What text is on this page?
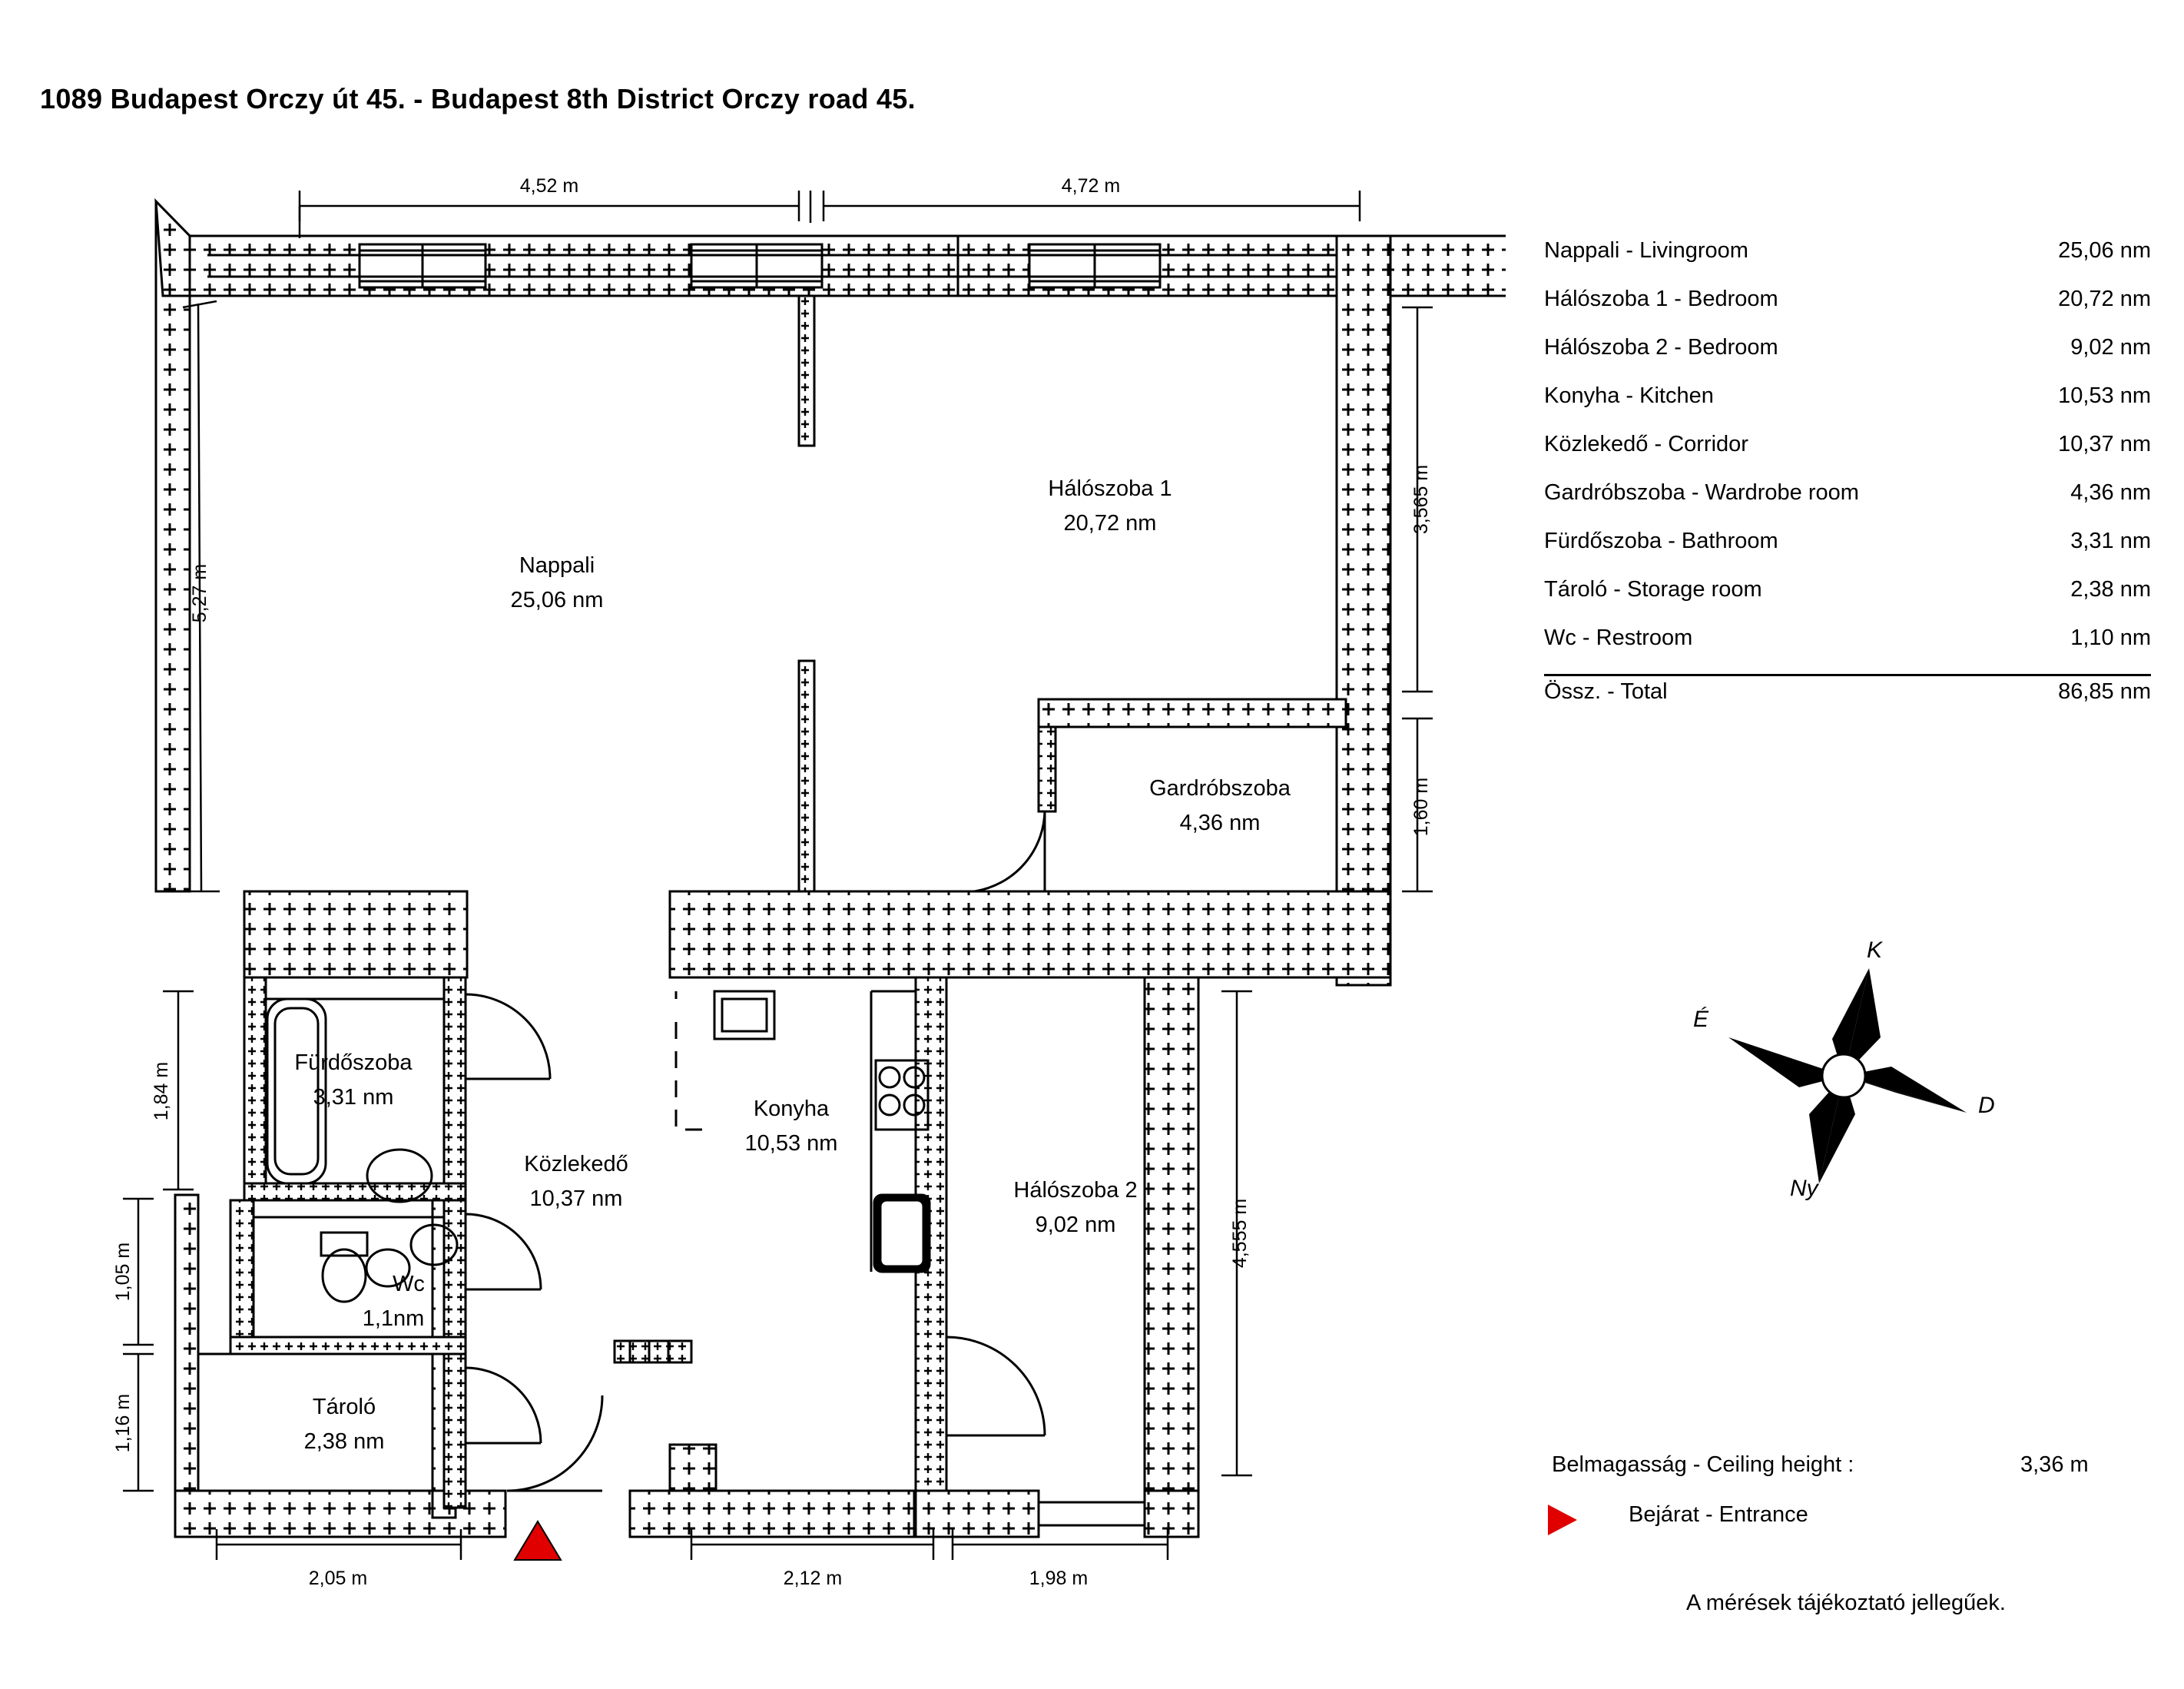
1089 Budapest Orczy út 45. - Budapest 8th District Orczy road 45.
4,52 m	4,72 m
5,27 m
1,84 m
1,05 m
1,16 m
3,565 m
1,60 m
4,555 m
2,05 m	2,12 m	1,98 m
Nappali
25,06 nm
Hálószoba 1
20,72 nm
Gardróbszoba
4,36 nm
Fürdőszoba
3,31 nm
Közlekedő
10,37 nm
Konyha
10,53 nm
Hálószoba 2
9,02 nm
Wc
1,1nm
Tároló
2,38 nm
Nappali - Livingroom	25,06 nm
Hálószoba 1 - Bedroom	20,72 nm
Hálószoba 2 - Bedroom	9,02 nm
Konyha - Kitchen	10,53 nm
Közlekedő - Corridor	10,37 nm
Gardróbszoba - Wardrobe room	4,36 nm
Fürdőszoba - Bathroom	3,31 nm
Tároló - Storage room	2,38 nm
Wc - Restroom	1,10 nm
Össz. - Total	86,85 nm
K
É
D
Ny
Belmagasság - Ceiling height :	3,36 m
Bejárat - Entrance
A mérések tájékoztató jellegűek.
